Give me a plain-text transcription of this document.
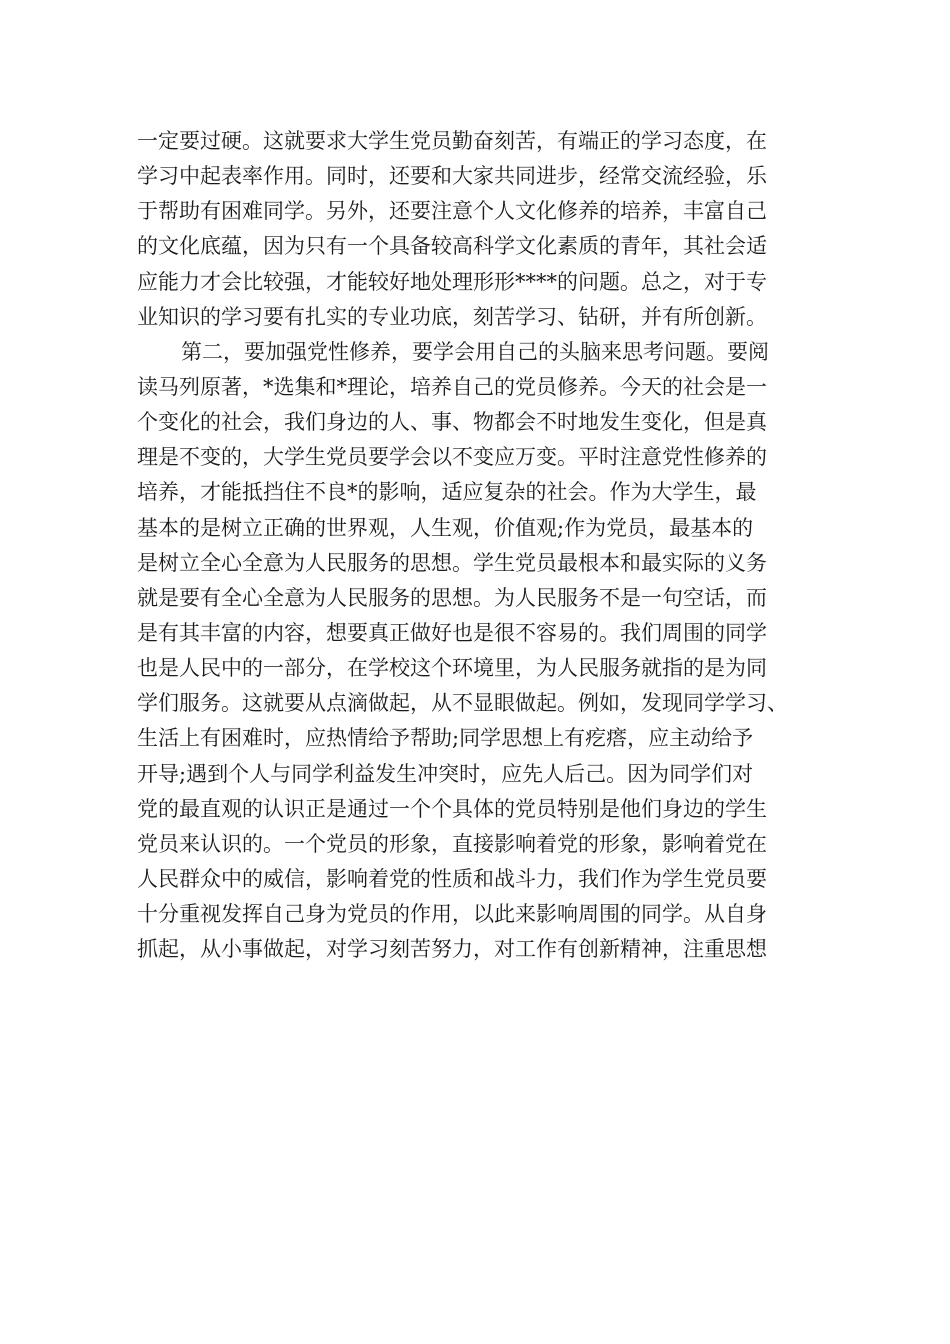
一定要过硬。这就要求大学生党员勤奋刻苦，有端正的学习态度，在
学习中起表率作用。同时，还要和大家共同进步，经常交流经验，乐
于帮助有困难同学。另外，还要注意个人文化修养的培养，丰富自己
的文化底蕴，因为只有一个具备较高科学文化素质的青年，其社会适
应能力才会比较强，才能较好地处理形形****的问题。总之，对于专
业知识的学习要有扎实的专业功底，刻苦学习、钻研，并有所创新。
第二，要加强党性修养，要学会用自己的头脑来思考问题。要阅
读马列原著，*选集和*理论，培养自己的党员修养。今天的社会是一
个变化的社会，我们身边的人、事、物都会不时地发生变化，但是真
理是不变的，大学生党员要学会以不变应万变。平时注意党性修养的
培养，才能抵挡住不良*的影响，适应复杂的社会。作为大学生，最
基本的是树立正确的世界观，人生观，价值观;作为党员，最基本的
是树立全心全意为人民服务的思想。学生党员最根本和最实际的义务
就是要有全心全意为人民服务的思想。为人民服务不是一句空话，而
是有其丰富的内容，想要真正做好也是很不容易的。我们周围的同学
也是人民中的一部分，在学校这个环境里，为人民服务就指的是为同
学们服务。这就要从点滴做起，从不显眼做起。例如，发现同学学习、
生活上有困难时，应热情给予帮助;同学思想上有疙瘩，应主动给予
开导;遇到个人与同学利益发生冲突时，应先人后己。因为同学们对
党的最直观的认识正是通过一个个具体的党员特别是他们身边的学生
党员来认识的。一个党员的形象，直接影响着党的形象，影响着党在
人民群众中的威信，影响着党的性质和战斗力，我们作为学生党员要
十分重视发挥自己身为党员的作用，以此来影响周围的同学。从自身
抓起，从小事做起，对学习刻苦努力，对工作有创新精神，注重思想
